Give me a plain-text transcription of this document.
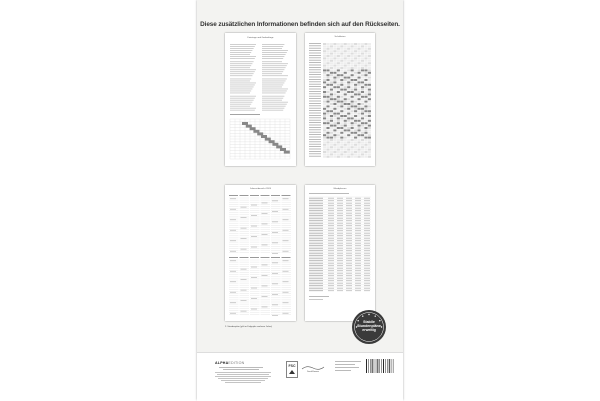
Diese zusätzlichen Informationen befinden sich auf den Rückseiten.
Feiertage und Gedenktage	Schulferien
Jahresübersicht 2024	Mondphasen
2. Stundenplan (gilt im Folgejahr mehrere Jahre)
Stabile
Stundenpläne
erweitig
ALPHAEDITION
FSC
Druck-Prozess
